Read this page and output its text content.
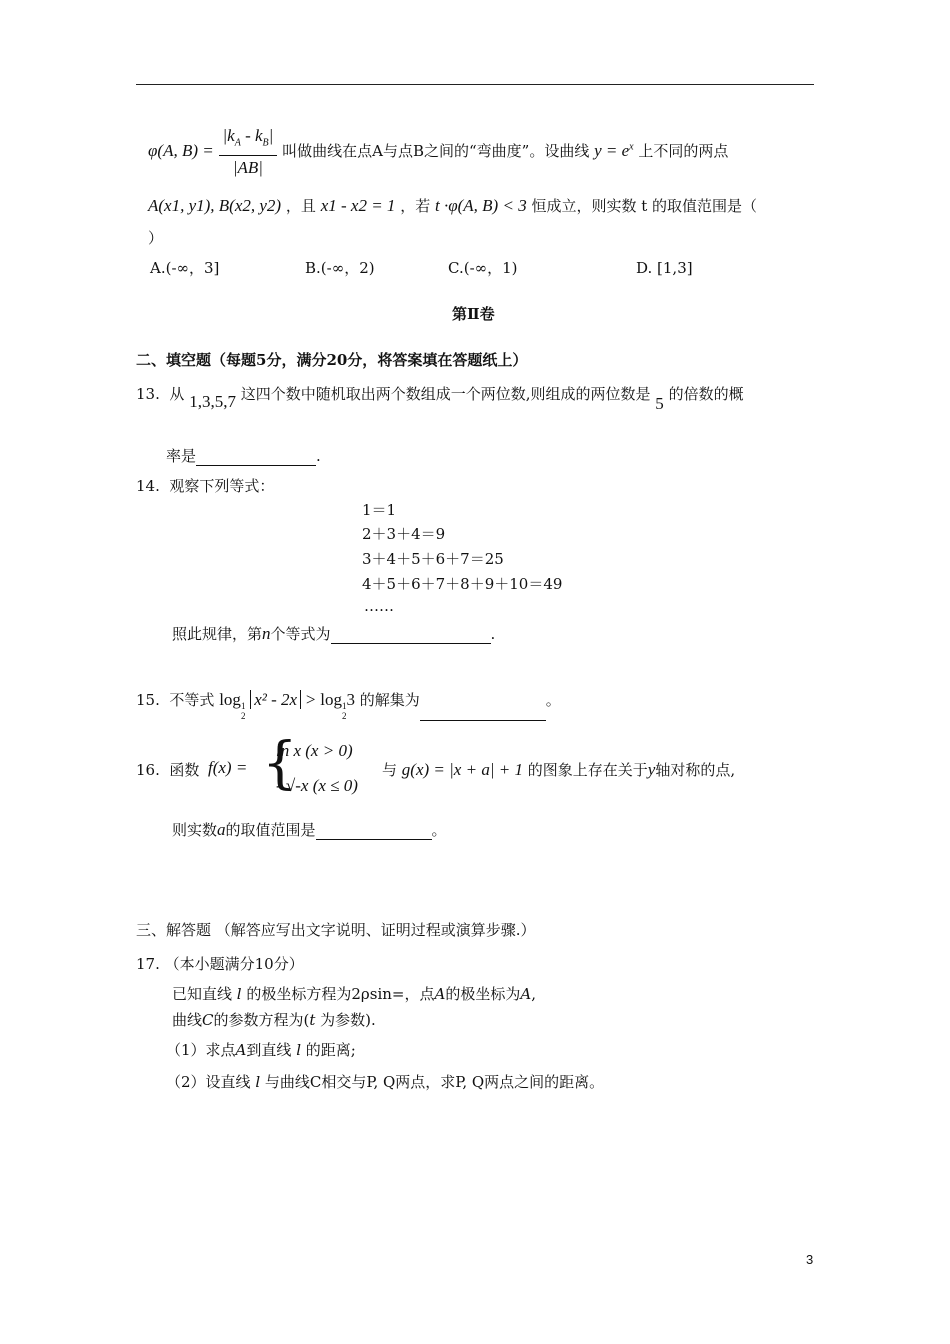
φ(A, $B) = \frac{|k_A - k_B|}{|AB|}$ 叫做曲线在点A与点B之间的“弯曲度”。设曲线 $y = e^x$ 上不同的两点
A(x1, y1), B(x2, y2) ，且 x1 - x2 = 1 ，若 t ·φ(A, B) < 3 恒成立，则实数 t 的取值范围是（
）
A.(-∞，3]	B.(-∞，2)	C.(-∞，1)	D. [1,3]
第Ⅱ卷
二、填空题（每题5分，满分20分，将答案填在答题纸上）
13. 从 1,3,5,7 这四个数中随机取出两个数组成一个两位数,则组成的两位数是 5 的倍数的概
率是	.
14. 观察下列等式：
1＝1
2＋3＋4＝9
3＋4＋5＋6＋7＝25
4＋5＋6＋7＋8＋9＋10＝49
……
照此规律，第n个等式为	.
15. 不等式 log 1
2
x² - 2x > log 1
2
3 的解集为	。
16. 函数 f(x) = {
ln x (x > 0)
- √-x (x ≤ 0)
与 g(x) = |x + a| + 1 的图象上存在关于y轴对称的点,
则实数a的取值范围是	。
三、解答题 （解答应写出文字说明、证明过程或演算步骤.）
17. （本小题满分10分）
已知直线 l 的极坐标方程为2ρsin=，点A的极坐标为A,
曲线C的参数方程为(t 为参数).
（1）求点A到直线 l 的距离;
（2）设直线 l 与曲线C相交与P, Q两点，求P, Q两点之间的距离。
3
